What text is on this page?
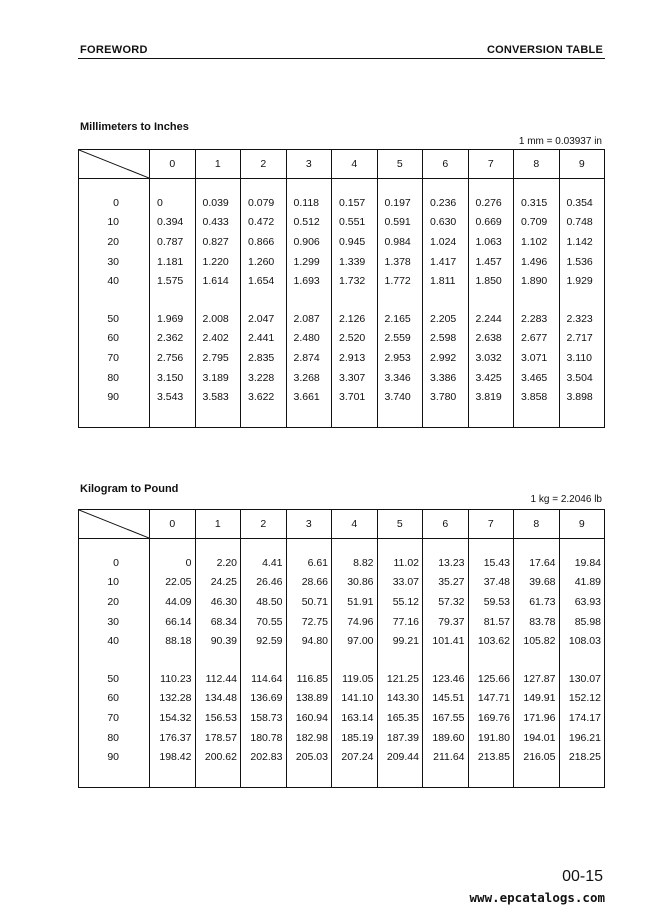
FOREWORD	CONVERSION TABLE
Millimeters to Inches
1 mm = 0.03937 in
	0	1	2	3	4	5	6	7	8	9

0	0	0.039	0.079	0.118	0.157	0.197	0.236	0.276	0.315	0.354
10	0.394	0.433	0.472	0.512	0.551	0.591	0.630	0.669	0.709	0.748
20	0.787	0.827	0.866	0.906	0.945	0.984	1.024	1.063	1.102	1.142
30	1.181	1.220	1.260	1.299	1.339	1.378	1.417	1.457	1.496	1.536
40	1.575	1.614	1.654	1.693	1.732	1.772	1.811	1.850	1.890	1.929

50	1.969	2.008	2.047	2.087	2.126	2.165	2.205	2.244	2.283	2.323
60	2.362	2.402	2.441	2.480	2.520	2.559	2.598	2.638	2.677	2.717
70	2.756	2.795	2.835	2.874	2.913	2.953	2.992	3.032	3.071	3.110
80	3.150	3.189	3.228	3.268	3.307	3.346	3.386	3.425	3.465	3.504
90	3.543	3.583	3.622	3.661	3.701	3.740	3.780	3.819	3.858	3.898

Kilogram to Pound
1 kg = 2.2046 lb
	0	1	2	3	4	5	6	7	8	9

0	0	2.20	4.41	6.61	8.82	11.02	13.23	15.43	17.64	19.84
10	22.05	24.25	26.46	28.66	30.86	33.07	35.27	37.48	39.68	41.89
20	44.09	46.30	48.50	50.71	51.91	55.12	57.32	59.53	61.73	63.93
30	66.14	68.34	70.55	72.75	74.96	77.16	79.37	81.57	83.78	85.98
40	88.18	90.39	92.59	94.80	97.00	99.21	101.41	103.62	105.82	108.03

50	110.23	112.44	114.64	116.85	119.05	121.25	123.46	125.66	127.87	130.07
60	132.28	134.48	136.69	138.89	141.10	143.30	145.51	147.71	149.91	152.12
70	154.32	156.53	158.73	160.94	163.14	165.35	167.55	169.76	171.96	174.17
80	176.37	178.57	180.78	182.98	185.19	187.39	189.60	191.80	194.01	196.21
90	198.42	200.62	202.83	205.03	207.24	209.44	211.64	213.85	216.05	218.25

00-15
www.epcatalogs.com
